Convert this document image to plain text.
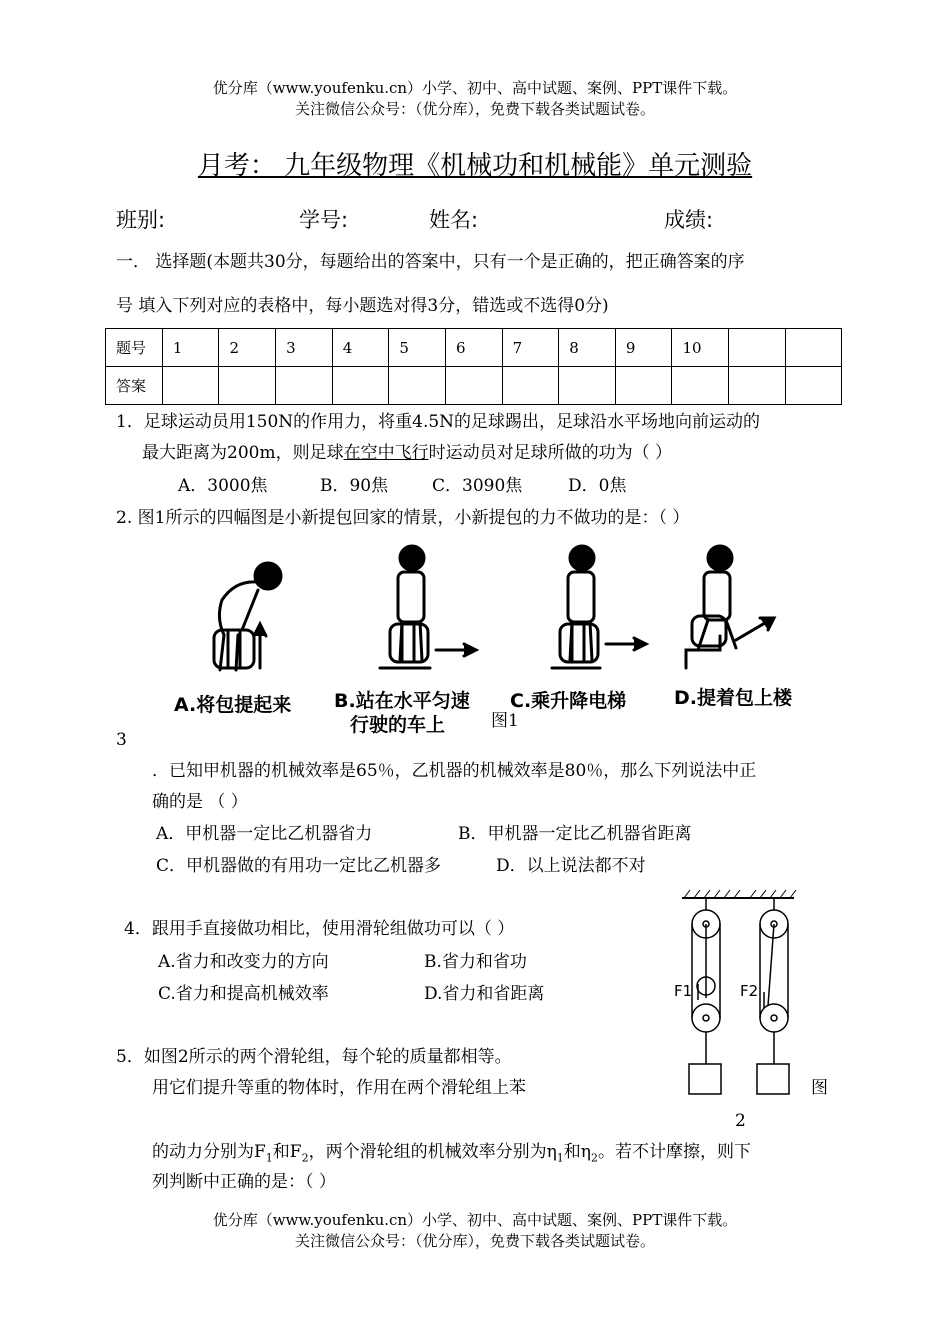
优分库（www.youfenku.cn）小学、初中、高中试题、案例、PPT课件下载。
关注微信公众号：（优分库），免费下载各类试题试卷。
月考： 九年级物理《机械功和机械能》单元测验
班别:	学号:	姓名:	成绩:
一． 选择题(本题共30分，每题给出的答案中，只有一个是正确的，把正确答案的序
号 填入下列对应的表格中，每小题选对得3分，错选或不选得0分)
题号	1	2	3	4	5	6	7	8	9	10		
答案												
1．足球运动员用150N的作用力，将重4.5N的足球踢出，足球沿水平场地向前运动的
最大距离为200m，则足球在空中飞行时运动员对足球所做的功为（ ）
A．3000焦	B．90焦	C．3090焦	D．0焦
2. 图1所示的四幅图是小新提包回家的情景，小新提包的力不做功的是：（ ）
A.将包提起来 B.站在水平匀速
行驶的车上	图1
C.乘升降电梯	D.提着包上楼
3
．已知甲机器的机械效率是65％，乙机器的机械效率是80％，那么下列说法中正
确的是 （ ）
A．甲机器一定比乙机器省力	B．甲机器一定比乙机器省距离
C．甲机器做的有用功一定比乙机器多	D．以上说法都不对
4．跟用手直接做功相比，使用滑轮组做功可以（ ）
A.省力和改变力的方向	B.省力和省功
C.省力和提高机械效率	D.省力和省距离	F1	F2
5．如图2所示的两个滑轮组，每个轮的质量都相等。
用它们提升等重的物体时，作用在两个滑轮组上苯	图
2
的动力分别为$F_1$和$F_2$，两个滑轮组的机械效率分别为$\eta_1$和$\eta_2$。若不计摩擦，则下
列判断中正确的是：（ ）
优分库（www.youfenku.cn）小学、初中、高中试题、案例、PPT课件下载。
关注微信公众号：（优分库），免费下载各类试题试卷。
